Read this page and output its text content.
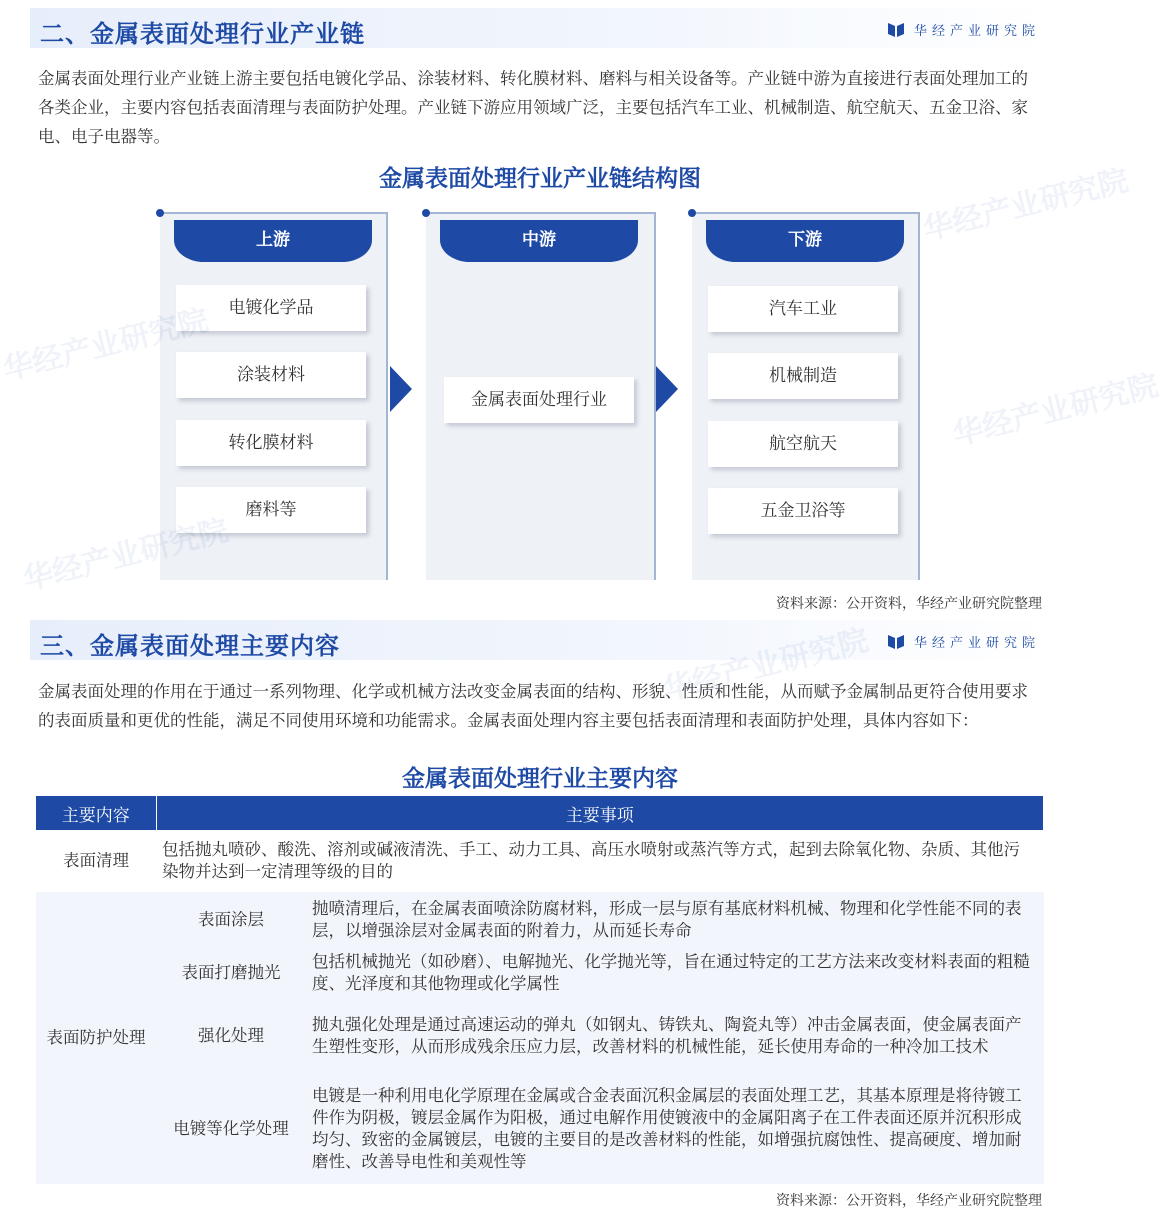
二、金属表面处理行业产业链	华经产业研究院
金属表面处理行业产业链上游主要包括电镀化学品、涂装材料、转化膜材料、磨料与相关设备等。产业链中游为直接进行表面处理加工的各类企业，主要内容包括表面清理与表面防护处理。产业链下游应用领域广泛，主要包括汽车工业、机械制造、航空航天、五金卫浴、家电、电子电器等。
金属表面处理行业产业链结构图
上游
电镀化学品
涂装材料
转化膜材料
磨料等
中游
金属表面处理行业
下游
汽车工业
机械制造
航空航天
五金卫浴等
资料来源：公开资料，华经产业研究院整理
三、金属表面处理主要内容	华经产业研究院
金属表面处理的作用在于通过一系列物理、化学或机械方法改变金属表面的结构、形貌、性质和性能，从而赋予金属制品更符合使用要求的表面质量和更优的性能，满足不同使用环境和功能需求。金属表面处理内容主要包括表面清理和表面防护处理，具体内容如下：
金属表面处理行业主要内容
主要内容	主要事项	
表面清理	包括抛丸喷砂、酸洗、溶剂或碱液清洗、手工、动力工具、高压水喷射或蒸汽等方式，起到去除氧化物、杂质、其他污染物并达到一定清理等级的目的	
表面防护处理	表面涂层	抛喷清理后，在金属表面喷涂防腐材料，形成一层与原有基底材料机械、物理和化学性能不同的表层，以增强涂层对金属表面的附着力，从而延长寿命
	表面打磨抛光	包括机械抛光（如砂磨）、电解抛光、化学抛光等，旨在通过特定的工艺方法来改变材料表面的粗糙度、光泽度和其他物理或化学属性
	强化处理	抛丸强化处理是通过高速运动的弹丸（如钢丸、铸铁丸、陶瓷丸等）冲击金属表面，使金属表面产生塑性变形，从而形成残余压应力层，改善材料的机械性能，延长使用寿命的一种冷加工技术
	电镀等化学处理	电镀是一种利用电化学原理在金属或合金表面沉积金属层的表面处理工艺，其基本原理是将待镀工件作为阴极，镀层金属作为阳极，通过电解作用使镀液中的金属阳离子在工件表面还原并沉积形成均匀、致密的金属镀层，电镀的主要目的是改善材料的性能，如增强抗腐蚀性、提高硬度、增加耐磨性、改善导电性和美观性等
资料来源：公开资料，华经产业研究院整理
华经产业研究院
华经产业研究院
华经产业研究院
华经产业研究院
华经产业研究院
